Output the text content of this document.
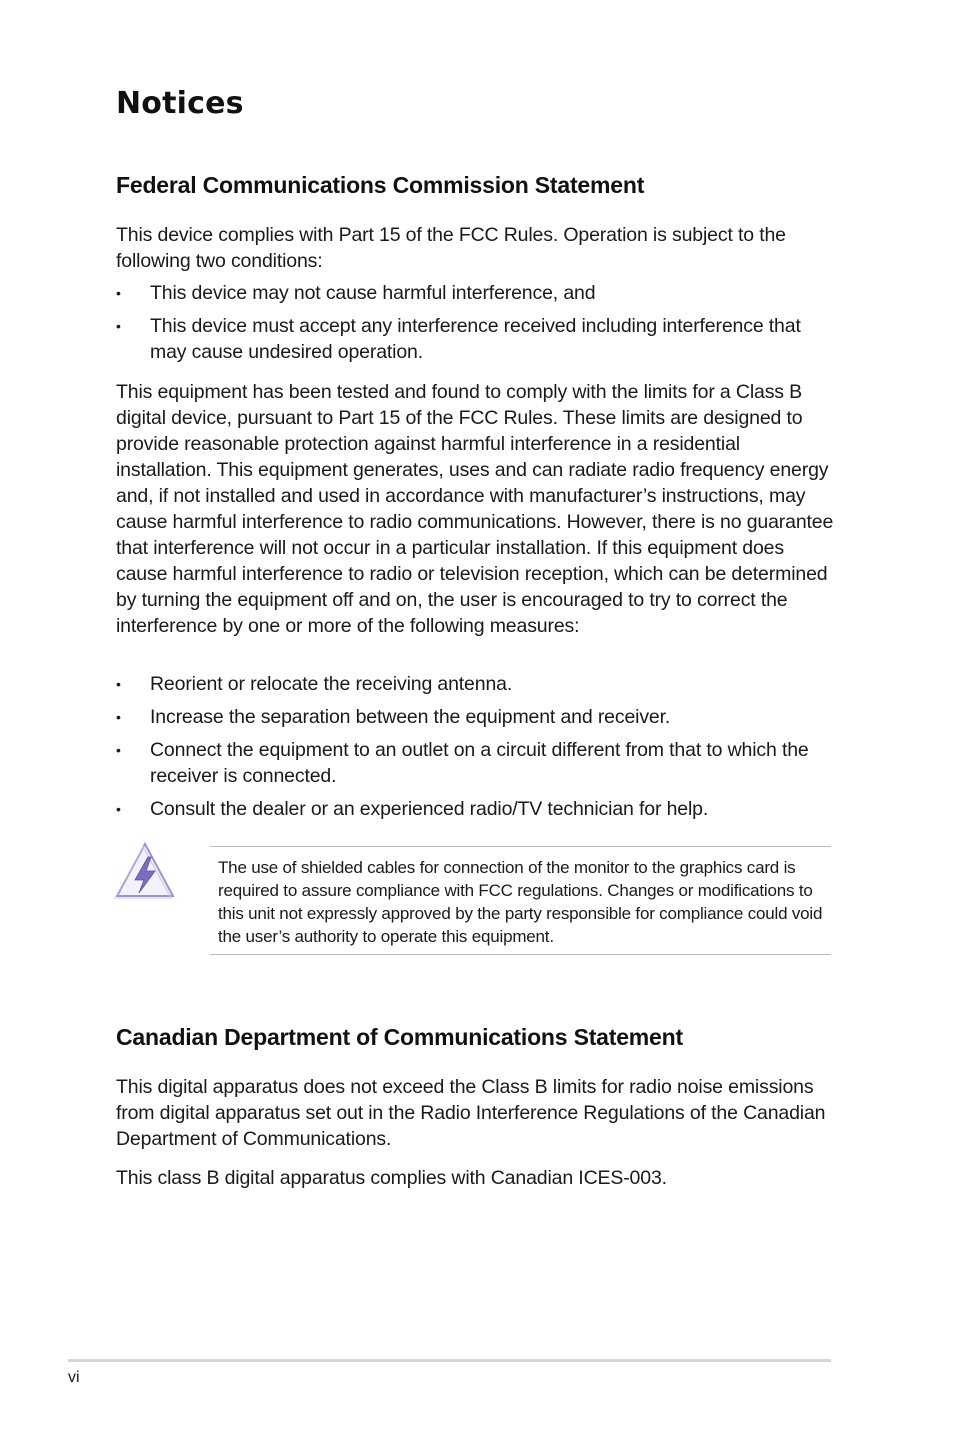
Notices
Federal Communications Commission Statement

This device complies with Part 15 of the FCC Rules. Operation is subject to the following two conditions:

• This device may not cause harmful interference, and
• This device must accept any interference received including interference that may cause undesired operation.

This equipment has been tested and found to comply with the limits for a Class B digital device, pursuant to Part 15 of the FCC Rules. These limits are designed to provide reasonable protection against harmful interference in a residential installation. This equipment generates, uses and can radiate radio frequency energy and, if not installed and used in accordance with manufacturer’s instructions, may cause harmful interference to radio communications. However, there is no guarantee that interference will not occur in a particular installation. If this equipment does cause harmful interference to radio or television reception, which can be determined by turning the equipment off and on, the user is encouraged to try to correct the interference by one or more of the following measures:

• Reorient or relocate the receiving antenna.
• Increase the separation between the equipment and receiver.
• Connect the equipment to an outlet on a circuit different from that to which the receiver is connected.
• Consult the dealer or an experienced radio/TV technician for help.

The use of shielded cables for connection of the monitor to the graphics card is required to assure compliance with FCC regulations. Changes or modifications to this unit not expressly approved by the party responsible for compliance could void the user’s authority to operate this equipment.

Canadian Department of Communications Statement

This digital apparatus does not exceed the Class B limits for radio noise emissions from digital apparatus set out in the Radio Interference Regulations of the Canadian Department of Communications.

This class B digital apparatus complies with Canadian ICES-003.

vi
